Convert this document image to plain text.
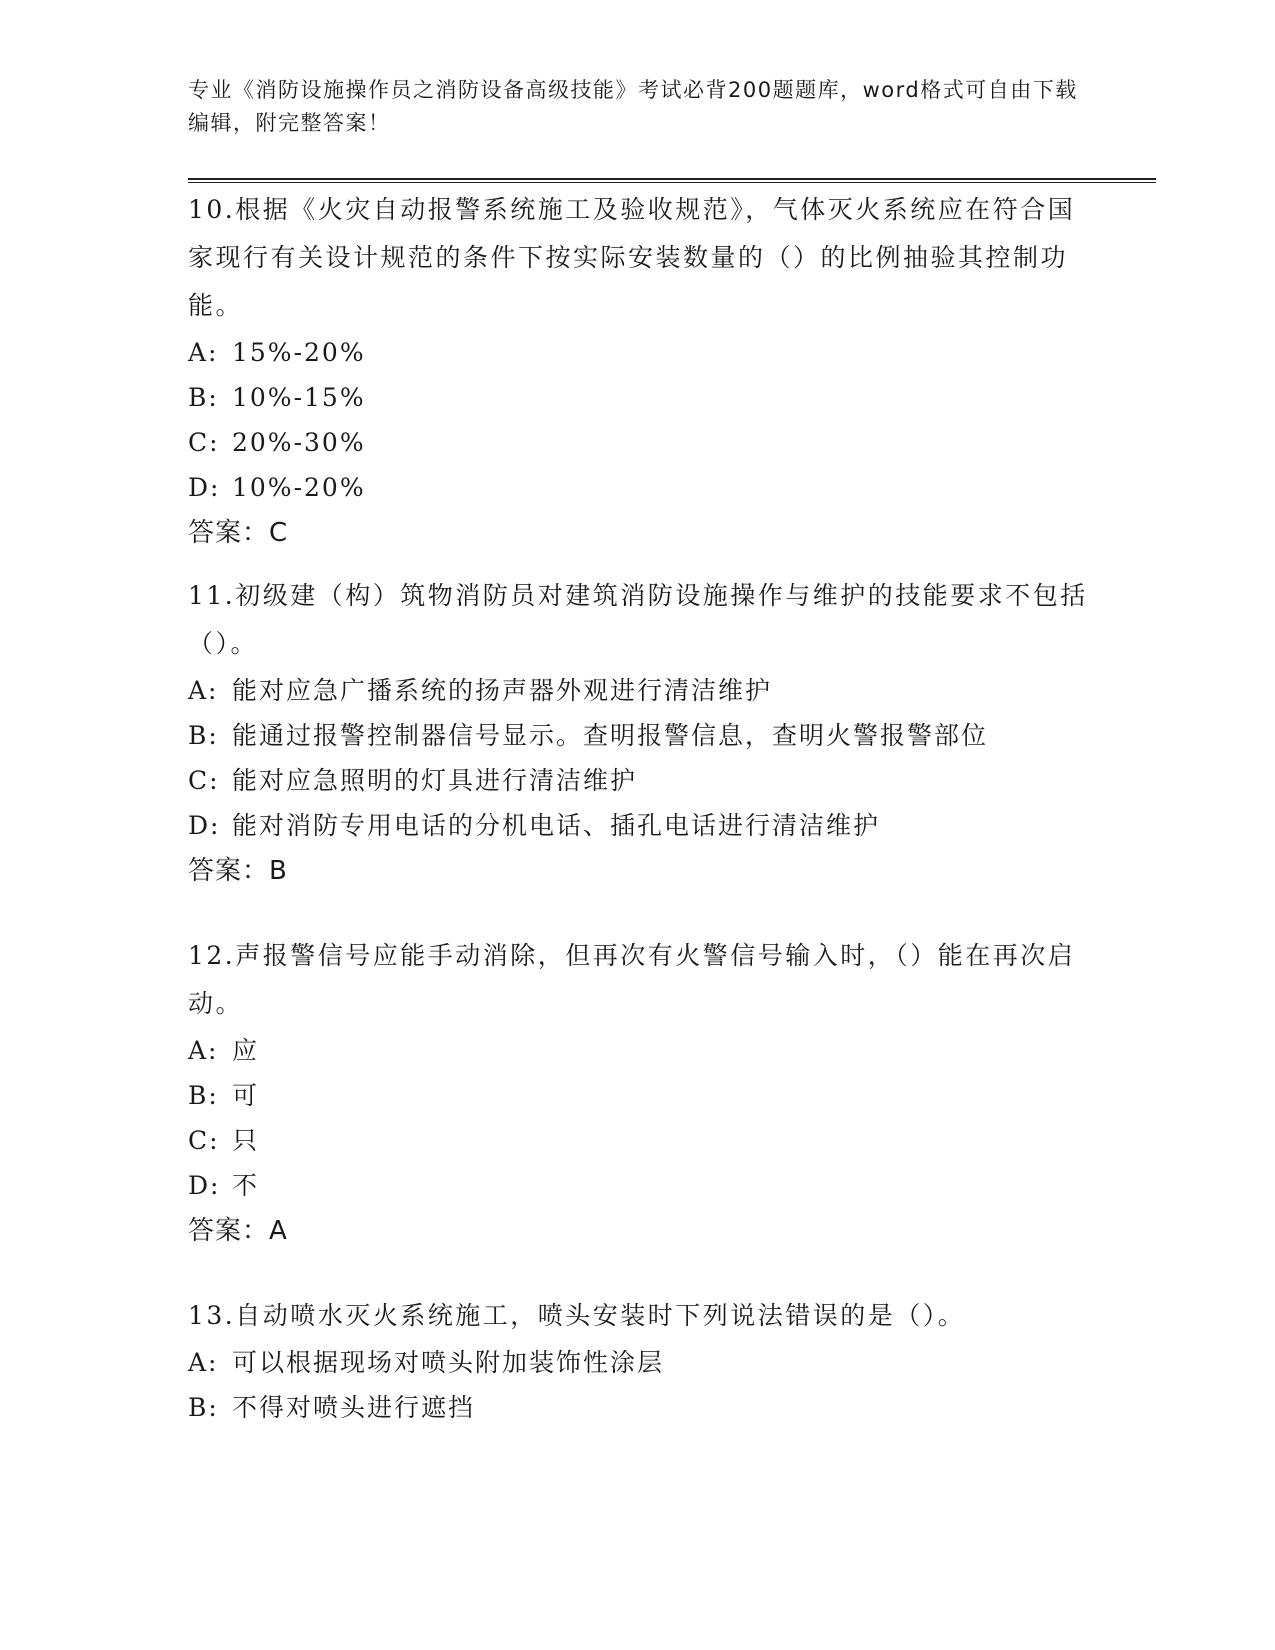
专业《消防设施操作员之消防设备高级技能》考试必背200题题库，word格式可自由下载编辑，附完整答案！

10.根据《火灾自动报警系统施工及验收规范》，气体灭火系统应在符合国家现行有关设计规范的条件下按实际安装数量的（）的比例抽验其控制功能。

A: 15%-20%

B: 10%-15%

C: 20%-30%

D: 10%-20%

答案：C

11.初级建（构）筑物消防员对建筑消防设施操作与维护的技能要求不包括（）。

A: 能对应急广播系统的扬声器外观进行清洁维护

B: 能通过报警控制器信号显示。查明报警信息，查明火警报警部位

C: 能对应急照明的灯具进行清洁维护

D: 能对消防专用电话的分机电话、插孔电话进行清洁维护

答案：B

12.声报警信号应能手动消除，但再次有火警信号输入时，（）能在再次启动。

A: 应

B: 可

C: 只

D: 不

答案：A

13.自动喷水灭火系统施工，喷头安装时下列说法错误的是（）。

A: 可以根据现场对喷头附加装饰性涂层

B: 不得对喷头进行遮挡
